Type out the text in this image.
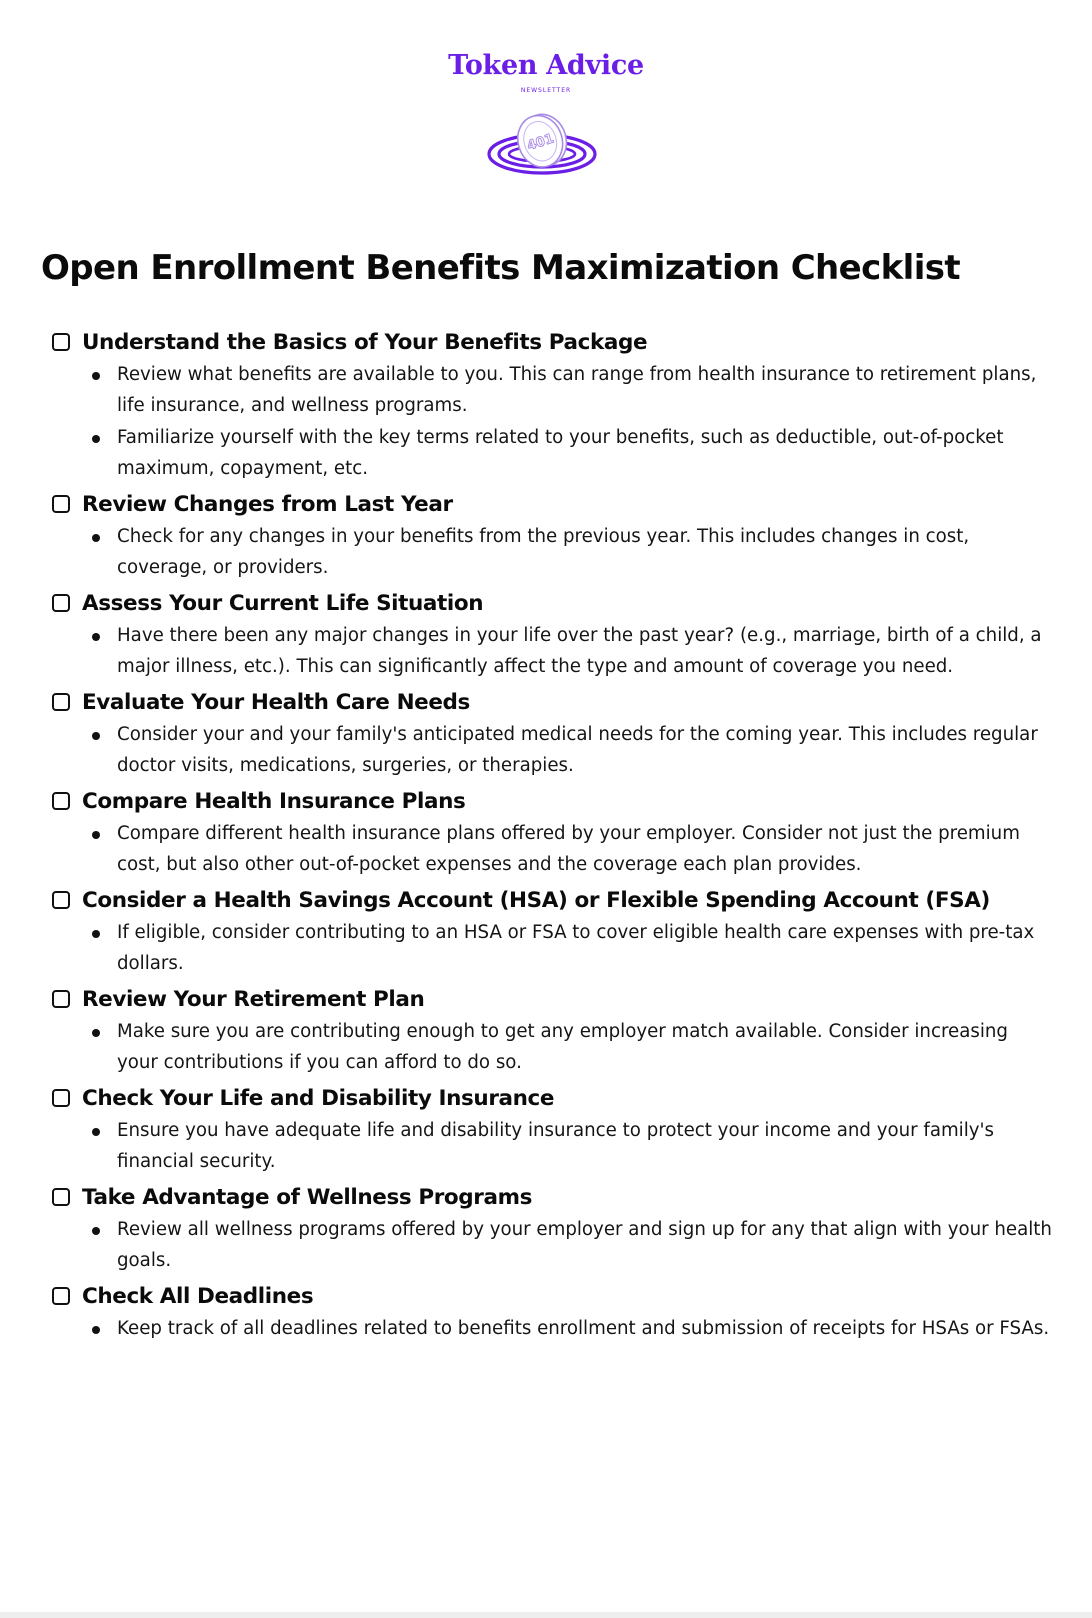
Token Advice
NEWSLETTER
401
Open Enrollment Benefits Maximization Checklist
Understand the Basics of Your Benefits Package
Review what benefits are available to you. This can range from health insurance to retirement plans, life insurance, and wellness programs.
Familiarize yourself with the key terms related to your benefits, such as deductible, out-of-pocket maximum, copayment, etc.
Review Changes from Last Year
Check for any changes in your benefits from the previous year. This includes changes in cost, coverage, or providers.
Assess Your Current Life Situation
Have there been any major changes in your life over the past year? (e.g., marriage, birth of a child, a major illness, etc.). This can significantly affect the type and amount of coverage you need.
Evaluate Your Health Care Needs
Consider your and your family's anticipated medical needs for the coming year. This includes regular doctor visits, medications, surgeries, or therapies.
Compare Health Insurance Plans
Compare different health insurance plans offered by your employer. Consider not just the premium cost, but also other out-of-pocket expenses and the coverage each plan provides.
Consider a Health Savings Account (HSA) or Flexible Spending Account (FSA)
If eligible, consider contributing to an HSA or FSA to cover eligible health care expenses with pre-tax dollars.
Review Your Retirement Plan
Make sure you are contributing enough to get any employer match available. Consider increasing your contributions if you can afford to do so.
Check Your Life and Disability Insurance
Ensure you have adequate life and disability insurance to protect your income and your family's financial security.
Take Advantage of Wellness Programs
Review all wellness programs offered by your employer and sign up for any that align with your health goals.
Check All Deadlines
Keep track of all deadlines related to benefits enrollment and submission of receipts for HSAs or FSAs.
